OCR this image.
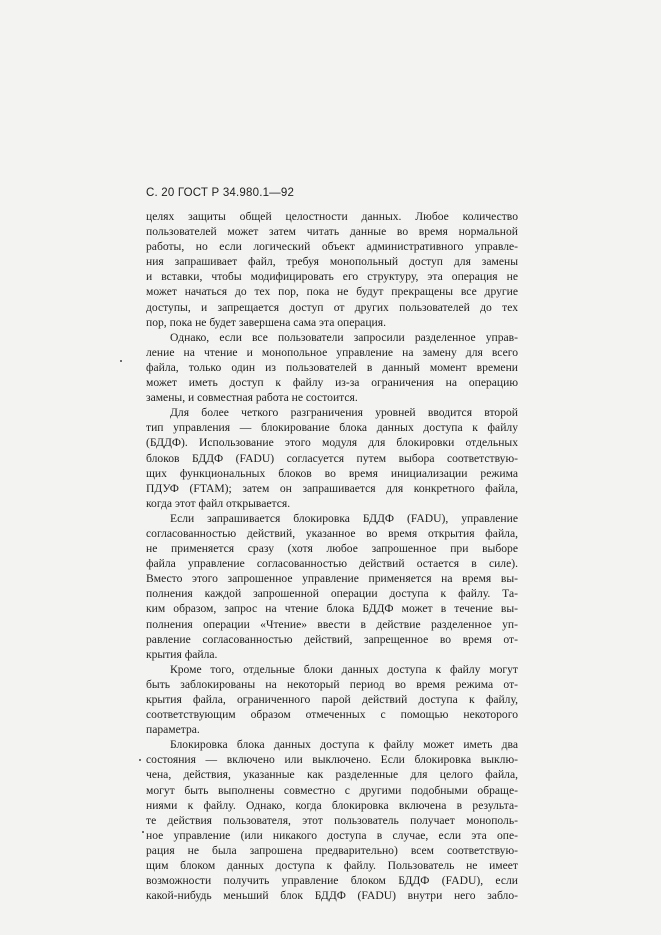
С. 20 ГОСТ Р 34.980.1—92
целях защиты общей целостности данных. Любое количество
пользователей может затем читать данные во время нормальной
работы, но если логический объект административного управле-
ния запрашивает файл, требуя монопольный доступ для замены
и вставки, чтобы модифицировать его структуру, эта операция не
может начаться до тех пор, пока не будут прекращены все другие
доступы, и запрещается доступ от других пользователей до тех
пор, пока не будет завершена сама эта операция.
Однако, если все пользователи запросили разделенное управ-
ление на чтение и монопольное управление на замену для всего
файла, только один из пользователей в данный момент времени
может иметь доступ к файлу из-за ограничения на операцию
замены, и совместная работа не состоится.
Для более четкого разграничения уровней вводится второй
тип управления — блокирование блока данных доступа к файлу
(БДДФ). Использование этого модуля для блокировки отдельных
блоков БДДФ (FADU) согласуется путем выбора соответствую-
щих функциональных блоков во время инициализации режима
ПДУФ (FTAM); затем он запрашивается для конкретного файла,
когда этот файл открывается.
Если запрашивается блокировка БДДФ (FADU), управление
согласованностью действий, указанное во время открытия файла,
не применяется сразу (хотя любое запрошенное при выборе
файла управление согласованностью действий остается в силе).
Вместо этого запрошенное управление применяется на время вы-
полнения каждой запрошенной операции доступа к файлу. Та-
ким образом, запрос на чтение блока БДДФ может в течение вы-
полнения операции «Чтение» ввести в действие разделенное уп-
равление согласованностью действий, запрещенное во время от-
крытия файла.
Кроме того, отдельные блоки данных доступа к файлу могут
быть заблокированы на некоторый период во время режима от-
крытия файла, ограниченного парой действий доступа к файлу,
соответствующим образом отмеченных с помощью некоторого
параметра.
Блокировка блока данных доступа к файлу может иметь два
состояния — включено или выключено. Если блокировка выклю-
чена, действия, указанные как разделенные для целого файла,
могут быть выполнены совместно с другими подобными обраще-
ниями к файлу. Однако, когда блокировка включена в результа-
те действия пользователя, этот пользователь получает монополь-
ное управление (или никакого доступа в случае, если эта опе-
рация не была запрошена предварительно) всем соответствую-
щим блоком данных доступа к файлу. Пользователь не имеет
возможности получить управление блоком БДДФ (FADU), если
какой-нибудь меньший блок БДДФ (FADU) внутри него забло-
